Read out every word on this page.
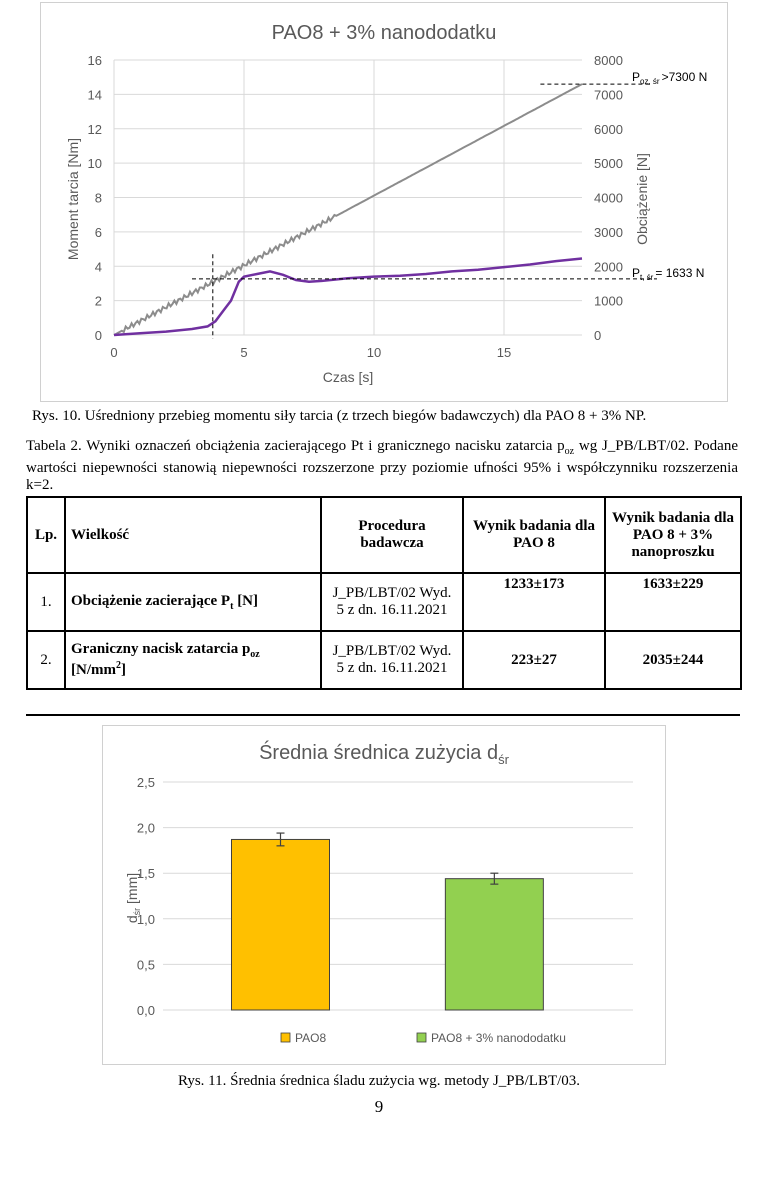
PAO8 + 3% nanododatku
0
2
4
6
8
10
12
14
16
0
1000
2000
3000
4000
5000
6000
7000
8000
0	5	10	15
$P_{oz, śr} >7300$ N
$P_{t, śr} = 1633$ N
Czas [s]
Moment tarcia [Nm]	Obciążenie [N]
Rys. 10. Uśredniony przebieg momentu siły tarcia (z trzech biegów badawczych) dla PAO 8 + 3% NP.
Tabela 2. Wyniki oznaczeń obciążenia zacierającego Pt i granicznego nacisku zatarcia $p_{oz}$ wg J_PB/LBT/02. Podane wartości niepewności stanowią niepewności rozszerzone przy poziomie ufności 95% i współczynniku rozszerzenia k=2.
Lp.	Wielkość	Procedura badawcza	Wynik badania dla PAO 8	Wynik badania dla PAO 8 + 3% nanoproszku
1.	Obciążenie zacierające $P_t$ [N]	J_PB/LBT/02 Wyd. 5 z dn. 16.11.2021	1233±173	1633±229
2.	Graniczny nacisk zatarcia $p_{oz}$ $[N/mm^2]$	J_PB/LBT/02 Wyd. 5 z dn. 16.11.2021	223±27	2035±244
Średnia średnica zużycia $d_{śr}$
0,0
0,5
1,0
1,5
2,0
2,5
$d_{śr}$ [mm]
PAO8	PAO8 + 3% nanododatku
Rys. 11. Średnia średnica śladu zużycia wg. metody J_PB/LBT/03.
9
